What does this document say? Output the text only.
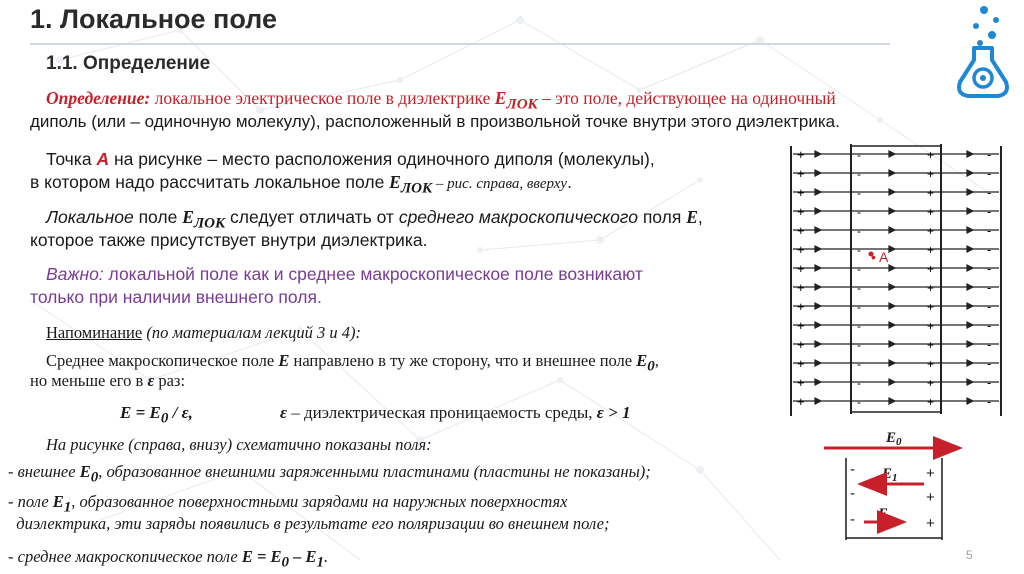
1. Локальное поле
1.1. Определение
Определение: локальное электрическое поле в диэлектрике $E_{ЛОК}$ – это поле, действующее на одиночный
диполь (или – одиночную молекулу), расположенный в произвольной точке внутри этого диэлектрика.
Точка A на рисунке – место расположения одиночного диполя (молекулы),
в котором надо рассчитать локальное поле $E_{ЛОК}$ – рис. справа, вверху.
Локальное поле $E_{ЛОК}$ следует отличать от среднего макроскопического поля E,
которое также присутствует внутри диэлектрика.
Важно: локальной поле как и среднее макроскопическое поле возникают
только при наличии внешнего поля.
Напоминание (по материалам лекций 3 и 4):
Среднее макроскопическое поле E направлено в ту же сторону, что и внешнее поле $E_0$,
но меньше его в ε раз:
$E = E_0 / \varepsilon$,	ε – диэлектрическая проницаемость среды, ε > 1
На рисунке (справа, внизу) схематично показаны поля:
- внешнее $E_0$, образованное внешними заряженными пластинами (пластины не показаны);
- поле $E_1$, образованное поверхностными зарядами на наружных поверхностях
диэлектрика, эти заряды появились в результате его поляризации во внешнем поле;
- среднее макроскопическое поле $E = E_0 - E_1$.
+	-
-	+
+	-
-	+
+	-
-	+
+	-
-	+
+	-
-	+
+	-
-	+
+	-
-	+
+	-
-	+
+	-
-	+
+	-
-	+
+	-
-	+
+	-
-	+
+	-
-	+
+	-
-	+
• A
$E_0$
$E_1$
E
-
-
-
+
+
+
5
